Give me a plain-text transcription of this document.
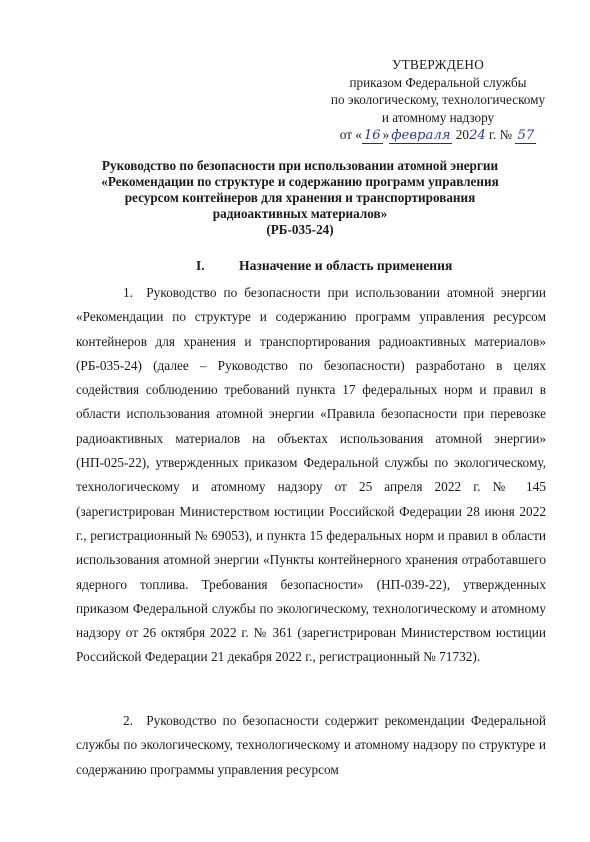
УТВЕРЖДЕНО
приказом Федеральной службы
по экологическому, технологическому
и атомному надзору
от « 16 » февраля 2024 г. № 57
Руководство по безопасности при использовании атомной энергии
«Рекомендации по структуре и содержанию программ управления
ресурсом контейнеров для хранения и транспортирования
радиоактивных материалов»
(РБ-035-24)
I.	Назначение и область применения
1. Руководство по безопасности при использовании атомной энергии «Рекомендации по структуре и содержанию программ управления ресурсом контейнеров для хранения и транспортирования радиоактивных материалов» (РБ-035-24) (далее – Руководство по безопасности) разработано в целях содействия соблюдению требований пункта 17 федеральных норм и правил в области использования атомной энергии «Правила безопасности при перевозке радиоактивных материалов на объектах использования атомной энергии» (НП-025-22), утвержденных приказом Федеральной службы по экологическому, технологическому и атомному надзору от 25 апреля 2022 г. № 145 (зарегистрирован Министерством юстиции Российской Федерации 28 июня 2022 г., регистрационный № 69053), и пункта 15 федеральных норм и правил в области использования атомной энергии «Пункты контейнерного хранения отработавшего ядерного топлива. Требования безопасности» (НП-039-22), утвержденных приказом Федеральной службы по экологическому, технологическому и атомному надзору от 26 октября 2022 г. № 361 (зарегистрирован Министерством юстиции Российской Федерации 21 декабря 2022 г., регистрационный № 71732).
2. Руководство по безопасности содержит рекомендации Федеральной службы по экологическому, технологическому и атомному надзору по структуре и содержанию программы управления ресурсом
